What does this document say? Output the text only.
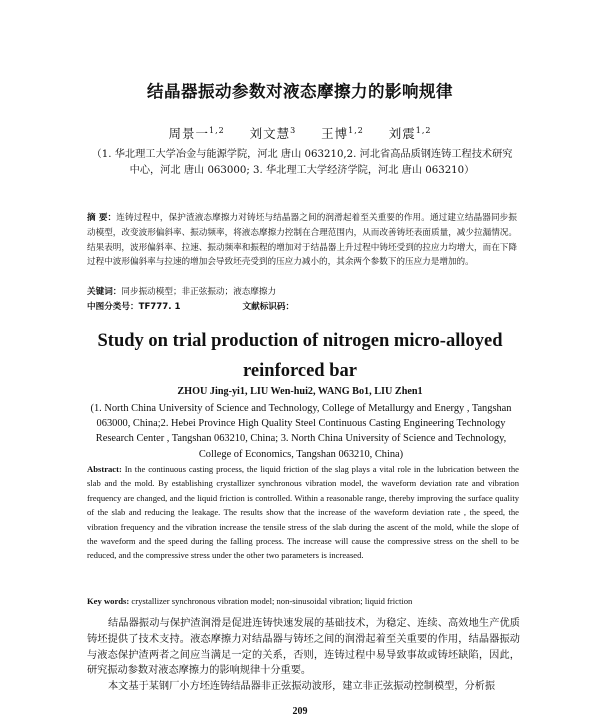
结晶器振动参数对液态摩擦力的影响规律
周景一$^{1,2}$ 刘文慧$^3$ 王博$^{1,2}$ 刘震$^{1,2}$
（1. 华北理工大学冶金与能源学院，河北 唐山 063210,2. 河北省高品质钢连铸工程技术研究中心，河北 唐山 063000; 3. 华北理工大学经济学院，河北 唐山 063210）
摘 要：连铸过程中，保护渣液态摩擦力对铸坯与结晶器之间的润滑起着至关重要的作用。通过建立结晶器同步振动模型，改变波形偏斜率、振动频率，将液态摩擦力控制在合理范围内，从而改善铸坯表面质量，减少拉漏情况。结果表明，波形偏斜率、拉速、振动频率和振程的增加对于结晶器上升过程中铸坯受到的拉应力均增大，而在下降过程中波形偏斜率与拉速的增加会导致坯壳受到的压应力减小的，其余两个参数下的压应力是增加的。
关键词：同步振动模型；非正弦振动；液态摩擦力
中图分类号：TF777. 1	文献标识码：
Study on trial production of nitrogen micro-alloyed
reinforced bar
ZHOU Jing-yi1, LIU Wen-hui2, WANG Bo1, LIU Zhen1
(1. North China University of Science and Technology, College of Metallurgy and Energy , Tangshan 063000, China;2. Hebei Province High Quality Steel Continuous Casting Engineering Technology Research Center , Tangshan 063210, China; 3. North China University of Science and Technology, College of Economics, Tangshan 063210, China)
Abstract: In the continuous casting process, the liquid friction of the slag plays a vital role in the lubrication between the slab and the mold. By establishing crystallizer synchronous vibration model, the waveform deviation rate and vibration frequency are changed, and the liquid friction is controlled. Within a reasonable range, thereby improving the surface quality of the slab and reducing the leakage. The results show that the increase of the waveform deviation rate , the speed, the vibration frequency and the vibration increase the tensile stress of the slab during the ascent of the mold, while the slope of the waveform and the speed during the falling process. The increase will cause the compressive stress on the shell to be reduced, and the compressive stress under the other two parameters is increased.
Key words: crystallizer synchronous vibration model; non-sinusoidal vibration; liquid friction

结晶器振动与保护渣润滑是促进连铸快速发展的基础技术，为稳定、连续、高效地生产优质铸坯提供了技术支持。液态摩擦力对结晶器与铸坯之间的润滑起着至关重要的作用，结晶器振动与液态保护渣两者之间应当满足一定的关系，否则，连铸过程中易导致事故或铸坯缺陷，因此，研究振动参数对液态摩擦力的影响规律十分重要。

本文基于某钢厂小方坯连铸结晶器非正弦振动波形，建立非正弦振动控制模型，分析振

209
